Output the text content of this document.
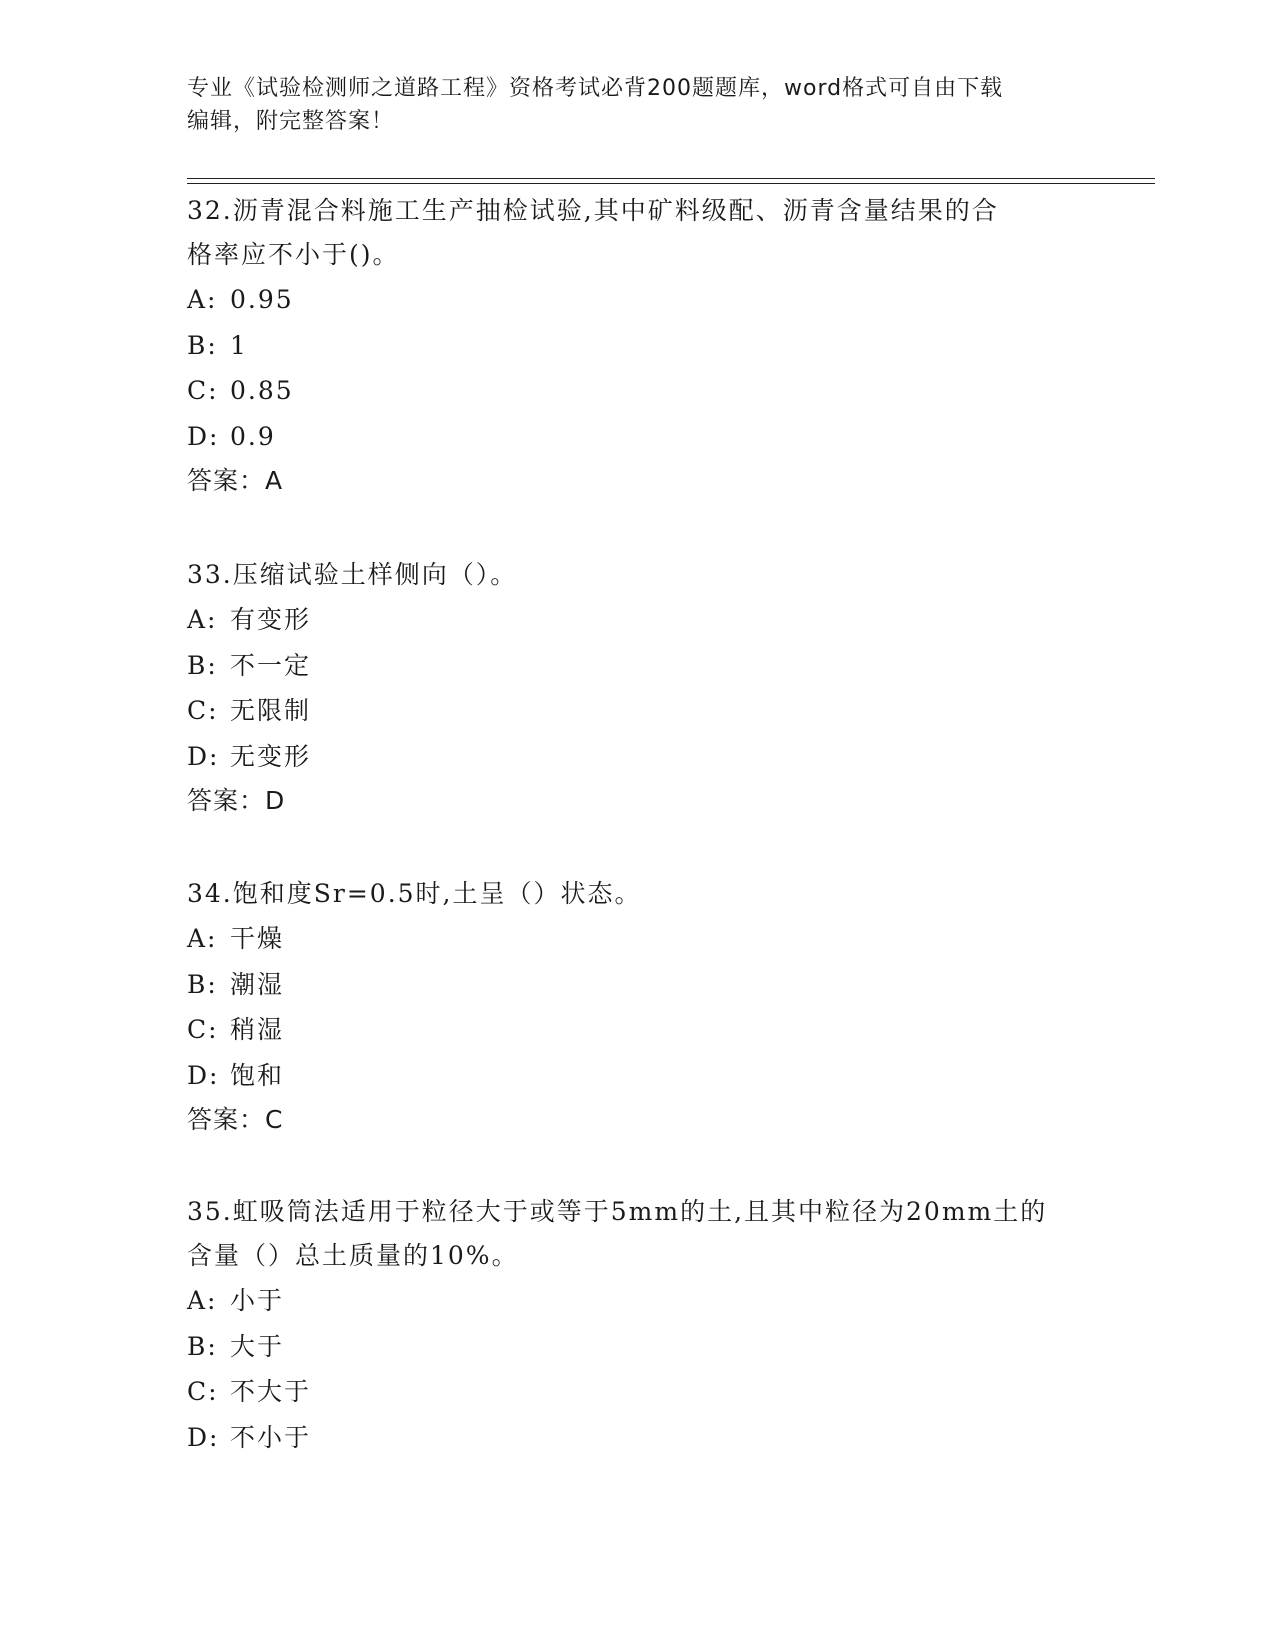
专业《试验检测师之道路工程》资格考试必背200题题库，word格式可自由下载
编辑，附完整答案！
32.沥青混合料施工生产抽检试验,其中矿料级配、沥青含量结果的合
格率应不小于()。
A: 0.95
B: 1
C: 0.85
D: 0.9
答案：A
33.压缩试验土样侧向（）。
A: 有变形
B: 不一定
C: 无限制
D: 无变形
答案：D
34.饱和度Sr=0.5时,土呈（）状态。
A: 干燥
B: 潮湿
C: 稍湿
D: 饱和
答案：C
35.虹吸筒法适用于粒径大于或等于5mm的土,且其中粒径为20mm土的
含量（）总土质量的10%。
A: 小于
B: 大于
C: 不大于
D: 不小于
